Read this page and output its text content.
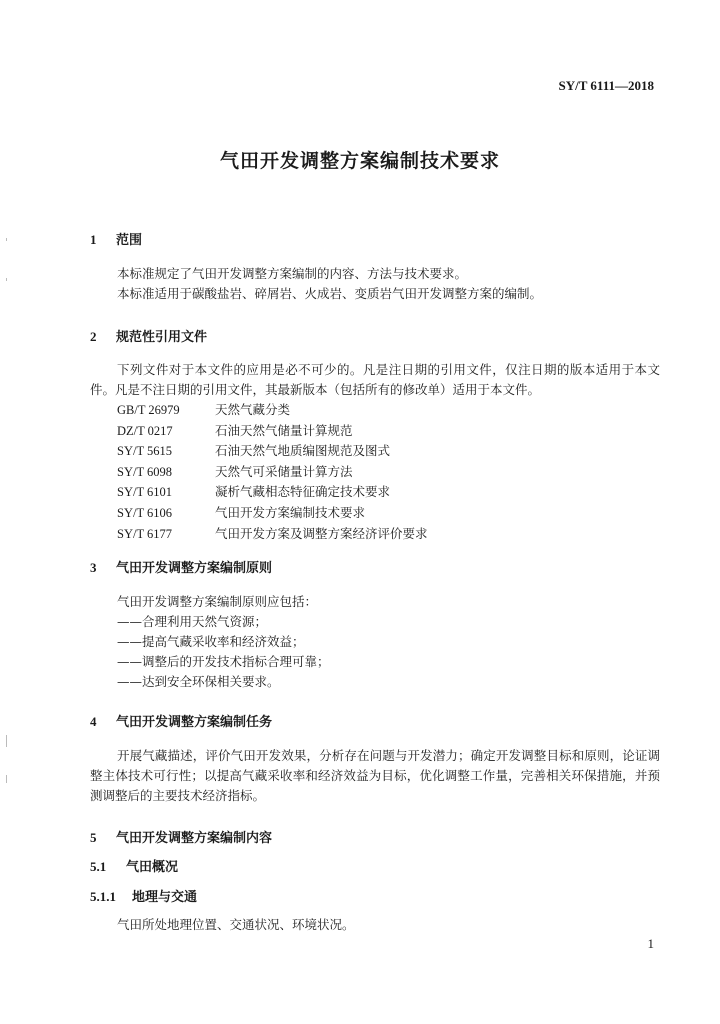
SY/T 6111—2018
气田开发调整方案编制技术要求
1 范围
本标准规定了气田开发调整方案编制的内容、方法与技术要求。
本标准适用于碳酸盐岩、碎屑岩、火成岩、变质岩气田开发调整方案的编制。
2 规范性引用文件
下列文件对于本文件的应用是必不可少的。凡是注日期的引用文件，仅注日期的版本适用于本文件。凡是不注日期的引用文件，其最新版本（包括所有的修改单）适用于本文件。
GB/T 26979	天然气藏分类
DZ/T 0217	石油天然气储量计算规范
SY/T 5615	石油天然气地质编图规范及图式
SY/T 6098	天然气可采储量计算方法
SY/T 6101	凝析气藏相态特征确定技术要求
SY/T 6106	气田开发方案编制技术要求
SY/T 6177	气田开发方案及调整方案经济评价要求
3 气田开发调整方案编制原则
气田开发调整方案编制原则应包括：
——合理利用天然气资源；
——提高气藏采收率和经济效益；
——调整后的开发技术指标合理可靠；
——达到安全环保相关要求。
4 气田开发调整方案编制任务
开展气藏描述，评价气田开发效果，分析存在问题与开发潜力；确定开发调整目标和原则，论证调整主体技术可行性；以提高气藏采收率和经济效益为目标，优化调整工作量，完善相关环保措施，并预测调整后的主要技术经济指标。
5 气田开发调整方案编制内容
5.1 气田概况
5.1.1 地理与交通
气田所处地理位置、交通状况、环境状况。
1
